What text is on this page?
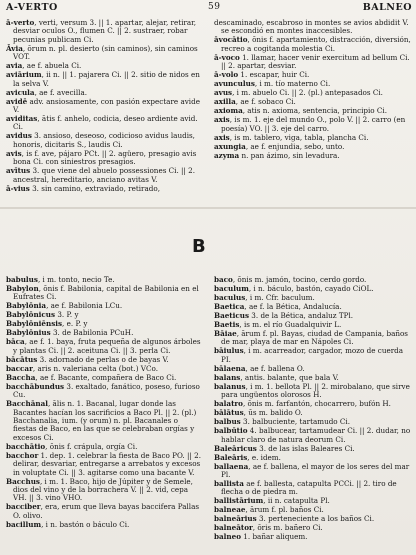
A-VERTO	59	BALNEO

ā-verto, verti, versum 3. || 1. apartar, alejar, retirar, desviar oculos O., flumen C. || 2. sustraer, robar pecunias publicam Ci.

Āvia, ōrum n. pl. desierto (sin caminos), sin caminos VOT.

avia, ae f. abuela Ci.

aviārium, ii n. || 1. pajarera Ci. || 2. sitio de nidos en la selva V.

avicula, ae f. avecilla.

avidē adv. ansiosamente, con pasión expectare avide V.

aviditas, ātis f. anhelo, codicia, deseo ardiente avid. Ci.

avidus 3. ansioso, deseoso, codicioso avidus laudis, honoris, dicitaris S., laudis Ci.

avis, is f. ave, pájaro PCt. || 2. agüero, presagio avis bona Ci. con siniestros presagios.

avītus 3. que viene del abuelo possessiones Ci. || 2. ancestral, hereditario, anciano avitas V.

ā-vius 3. sin camino, extraviado, retirado,

descaminado, escabroso in montes se avios abdidit V. se escondió en montes inaccesibles.

āvocātio, ōnis f. apartamiento, distracción, diversión, recreo a cogitanda molestia Ci.

ā-voco 1. llamar, hacer venir exercitum ad bellum Ci. || 2. apartar, desviar.

ā-volo 1. escapar, huir Ci.

avunculus, i m. tío materno Ci.

avus, i m. abuelo Ci. || 2. (pl.) antepasados Ci.

axilla, ae f. sobaco Ci.

axioma, atis n. axioma, sentencia, principio Ci.

axis, is m. 1. eje del mundo O., polo V. || 2. carro (en poesía) VO. || 3. eje del carro.

axis, is m. tablero, viga, tabla, plancha Ci.

axungia, ae f. enjundia, sebo, unto.

azyma n. pan ázimo, sin levadura.

B

babulus, i m. tonto, necio Te.

Babylon, ōnis f. Babilonia, capital de Babilonia en el Eufrates Ci.

Babylōnia, ae f. Babilonia LCu.

Babylōnicus 3. P. y

Babylōniēnsis, e. P. y

Babylōnius 3. de Babilonia PCuH.

bāca, ae f. 1. baya, fruta pequeña de algunos árboles y plantas Ci. || 2. aceituna Ci. || 3. perla Ci.

bācātus 3. adornado de perlas o de bayas V.

baccar, aris n. valeriana celta (bot.) VCo.

Baccha, ae f. Bacante, compañera de Baco Ci.

bacchābundus 3. exaltado, fanático, poseso, furioso Cu.

Bacchānal, ālis n. 1. Bacanal, lugar donde las Bacantes hacían los sacrificios a Baco Pl. || 2. (pl.) Bacchanalia, ium. (y orum) n. pl. Bacanales o fiestas de Baco, en las que se celebraban orgías y excesos Ci.

bacchātio, ōnis f. crápula, orgía Ci.

bacchor 1. dep. 1. celebrar la fiesta de Baco PO. || 2. delirar, desvariar, entregarse a arrebatos y excesos in voluptate Ci. || 3. agitarse como una bacante V.

Bacchus, i m. 1. Baco, hijo de Júpiter y de Semele, dios del vino y de la borrachera V. || 2. vid, cepa VH. || 3. vino VHO.

bacciber, era, erum que lleva bayas baccifera Pallas O. olivo.

bacillum, i n. bastón o báculo Ci.

baco, ōnis m. jamón, tocino, cerdo gordo.

baculum, i n. báculo, bastón, cayado CiOL.

baculus, i m. Cfr. baculum.

Baetica, ae f. la Bética, Andalucía.

Baeticus 3. de la Bética, andaluz TPl.

Baetis, is m. el río Guadalquivir L.

Bāiae, ārum f. pl. Bayas, ciudad de Campania, baños de mar, playa de mar en Nápoles Ci.

bāiulus, i m. acarreador, cargador, mozo de cuerda PI.

bālaena, ae f. ballena O.

balans, antis. balante, que bala V.

balanus, i m. 1. bellota Pl. || 2. mirobalano, que sirve para ungüentos olorosos H.

balatro, ōnis m. farfantón, chocarrero, bufón H.

bālātus, ūs m. balido O.

balbus 3. balbuciente, tartamudo Ci.

balbūtio 4. balbucear, tartamudear Ci. || 2. dudar, no hablar claro de natura deorum Ci.

Baleāricus 3. de las islas Baleares Ci.

Baleāris, e. idem.

ballaena, ae f. ballena, el mayor de los seres del mar Pl.

ballista ae f. ballesta, catapulta PCCi. || 2. tiro de flecha o de piedra m.

ballistārium, ii n. catapulta Pl.

balneae, ārum f. pl. baños Ci.

balneārius 3. perteneciente a los baños Ci.

balneātor, ōris m. bañero Ci.

balneo 1. bañar aliquem.
